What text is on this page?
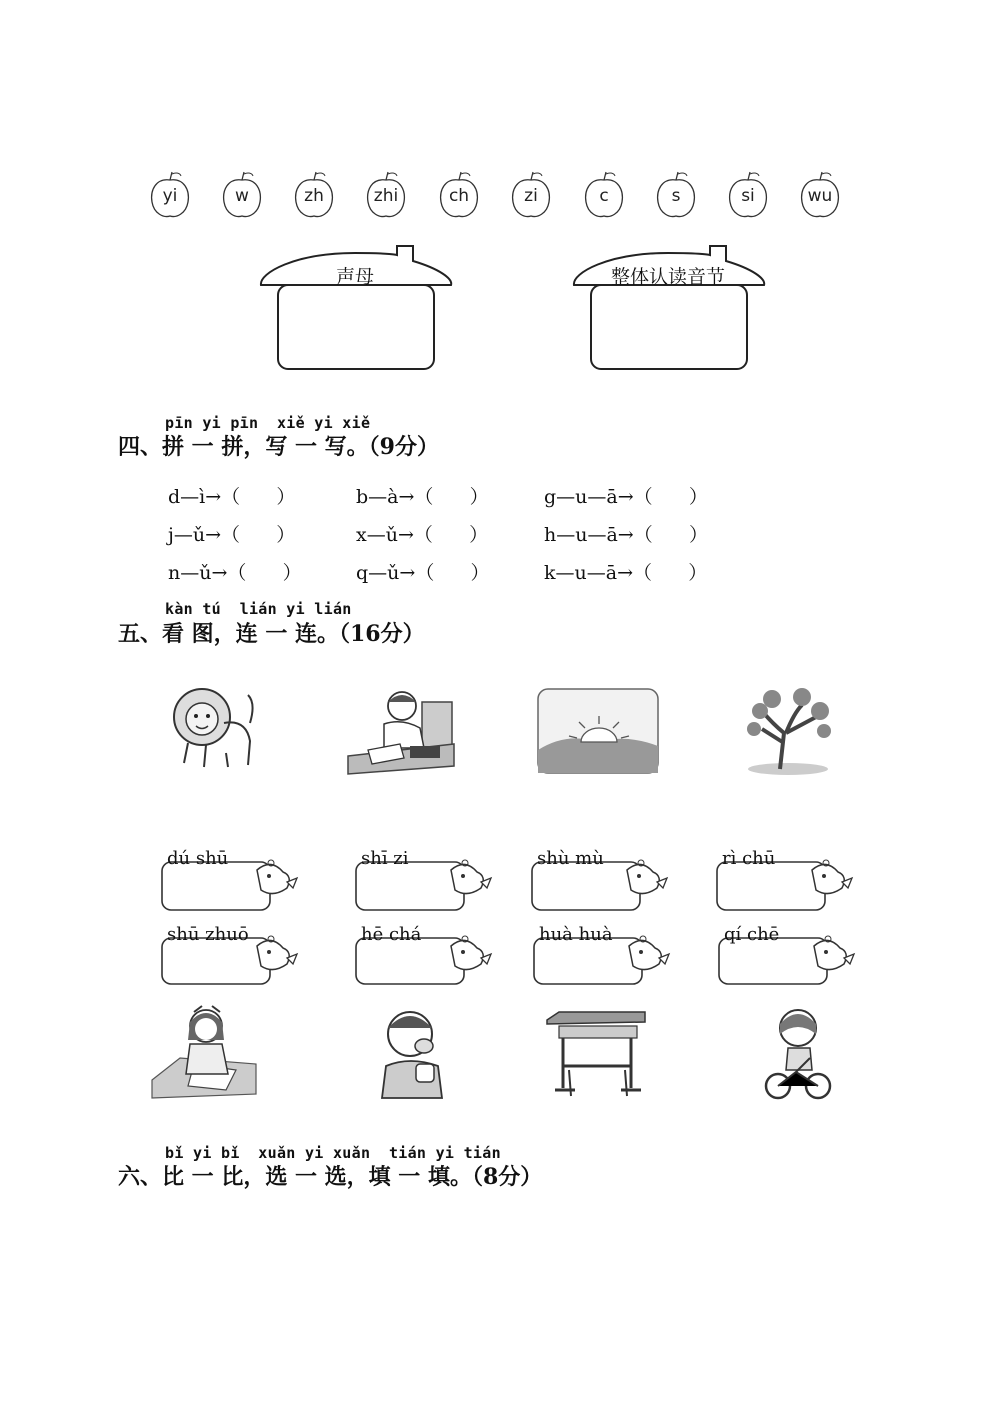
yi	w	zh	zhi	ch	zi	c	s	si	wu
声母	整体认读音节
pīn yi pīn  xiě yi xiě
四、拼 一 拼，写 一 写。（9分）
d—ì→（      ）	b—à→（      ）	g—u—ā→（      ）
j—ǔ→（      ）	x—ǔ→（      ）	h—u—ā→（      ）
n—ǔ→（      ）	q—ǔ→（      ）	k—u—ā→（      ）
kàn tú  lián yi lián
五、看 图，连 一 连。（16分）
dú shū	shī zi	shù mù	rì chū
shū zhuō	hē chá	huà huà	qí chē
bǐ yi bǐ  xuǎn yi xuǎn  tián yi tián
六、比 一 比，选 一 选，填 一 填。（8分）
